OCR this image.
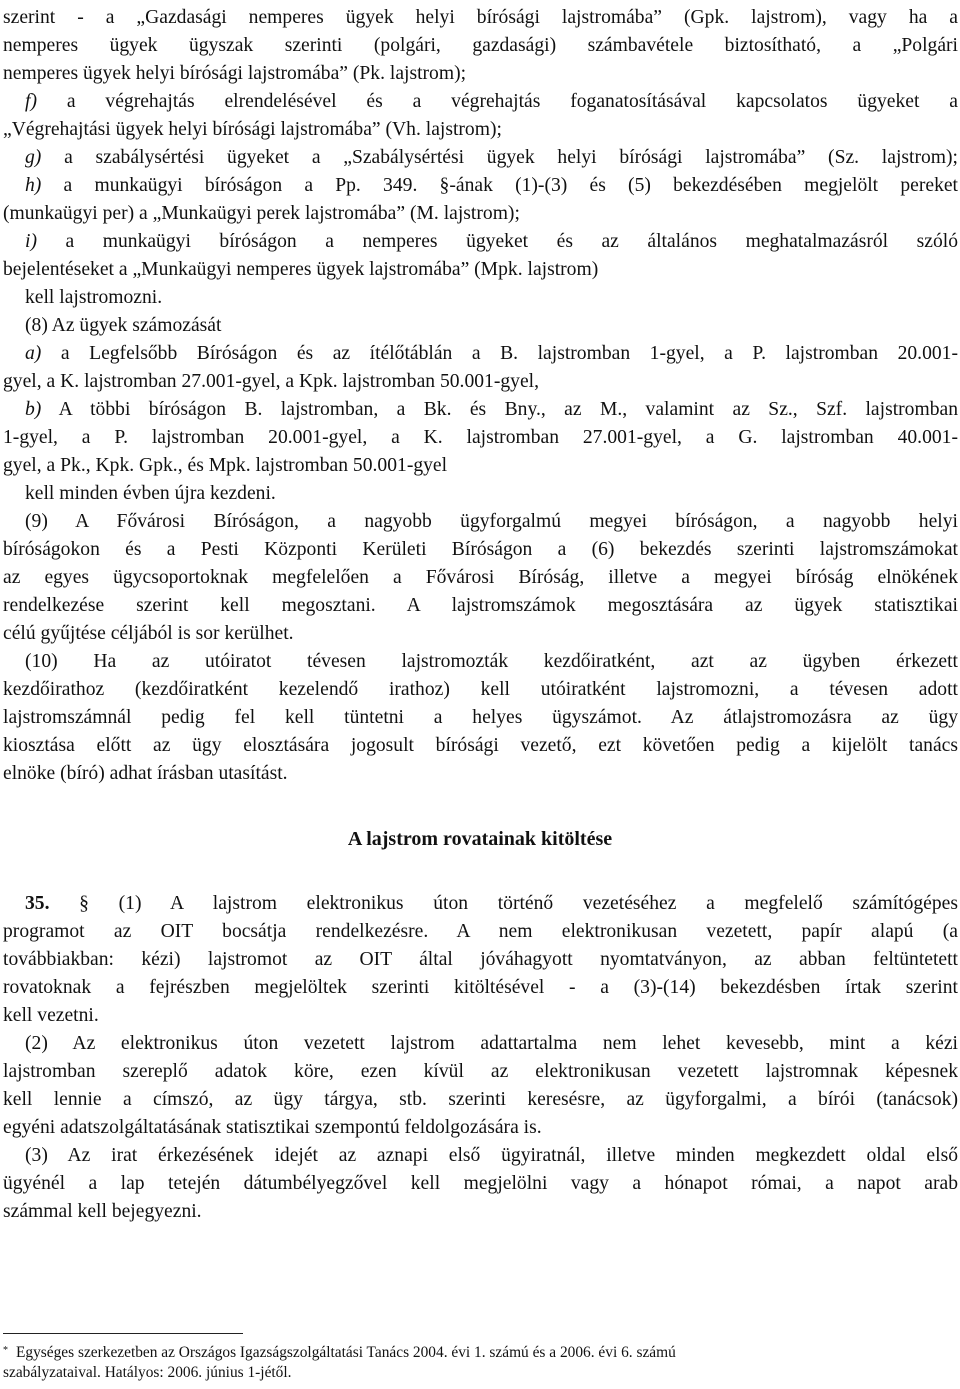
szerint - a „Gazdasági nemperes ügyek helyi bírósági lajstromába” (Gpk. lajstrom), vagy ha a
nemperes ügyek ügyszak szerinti (polgári, gazdasági) számbavétele biztosítható, a „Polgári
nemperes ügyek helyi bírósági lajstromába” (Pk. lajstrom);
f) a végrehajtás elrendelésével és a végrehajtás foganatosításával kapcsolatos ügyeket a
„Végrehajtási ügyek helyi bírósági lajstromába” (Vh. lajstrom);
g) a szabálysértési ügyeket a „Szabálysértési ügyek helyi bírósági lajstromába” (Sz. lajstrom);
h) a munkaügyi bíróságon a Pp. 349. §-ának (1)-(3) és (5) bekezdésében megjelölt pereket
(munkaügyi per) a „Munkaügyi perek lajstromába” (M. lajstrom);
i) a munkaügyi bíróságon a nemperes ügyeket és az általános meghatalmazásról szóló
bejelentéseket a „Munkaügyi nemperes ügyek lajstromába” (Mpk. lajstrom)
kell lajstromozni.
(8) Az ügyek számozását
a) a Legfelsőbb Bíróságon és az ítélőtáblán a B. lajstromban 1-gyel, a P. lajstromban 20.001-
gyel, a K. lajstromban 27.001-gyel, a Kpk. lajstromban 50.001-gyel,
b) A többi bíróságon B. lajstromban, a Bk. és Bny., az M., valamint az Sz., Szf. lajstromban
1-gyel, a P. lajstromban 20.001-gyel, a K. lajstromban 27.001-gyel, a G. lajstromban 40.001-
gyel, a Pk., Kpk. Gpk., és Mpk. lajstromban 50.001-gyel
kell minden évben újra kezdeni.
(9) A Fővárosi Bíróságon, a nagyobb ügyforgalmú megyei bíróságon, a nagyobb helyi
bíróságokon és a Pesti Központi Kerületi Bíróságon a (6) bekezdés szerinti lajstromszámokat
az egyes ügycsoportoknak megfelelően a Fővárosi Bíróság, illetve a megyei bíróság elnökének
rendelkezése szerint kell megosztani. A lajstromszámok megosztására az ügyek statisztikai
célú gyűjtése céljából is sor kerülhet.
(10) Ha az utóiratot tévesen lajstromozták kezdőiratként, azt az ügyben érkezett
kezdőirathoz (kezdőiratként kezelendő irathoz) kell utóiratként lajstromozni, a tévesen adott
lajstromszámnál pedig fel kell tüntetni a helyes ügyszámot. Az átlajstromozásra az ügy
kiosztása előtt az ügy elosztására jogosult bírósági vezető, ezt követően pedig a kijelölt tanács
elnöke (bíró) adhat írásban utasítást.
A lajstrom rovatainak kitöltése
35. § (1) A lajstrom elektronikus úton történő vezetéséhez a megfelelő számítógépes
programot az OIT bocsátja rendelkezésre. A nem elektronikusan vezetett, papír alapú (a
továbbiakban: kézi) lajstromot az OIT által jóváhagyott nyomtatványon, az abban feltüntetett
rovatoknak a fejrészben megjelöltek szerinti kitöltésével - a (3)-(14) bekezdésben írtak szerint
kell vezetni.
(2) Az elektronikus úton vezetett lajstrom adattartalma nem lehet kevesebb, mint a kézi
lajstromban szereplő adatok köre, ezen kívül az elektronikusan vezetett lajstromnak képesnek
kell lennie a címszó, az ügy tárgya, stb. szerinti keresésre, az ügyforgalmi, a bírói (tanácsok)
egyéni adatszolgáltatásának statisztikai szempontú feldolgozására is.
(3) Az irat érkezésének idejét az aznapi első ügyiratnál, illetve minden megkezdett oldal első
ügyénél a lap tetején dátumbélyegzővel kell megjelölni vagy a hónapot római, a napot arab
számmal kell bejegyezni.
* Egységes szerkezetben az Országos Igazságszolgáltatási Tanács 2004. évi 1. számú és a 2006. évi 6. számú
szabályzataival. Hatályos: 2006. június 1-jétől.
